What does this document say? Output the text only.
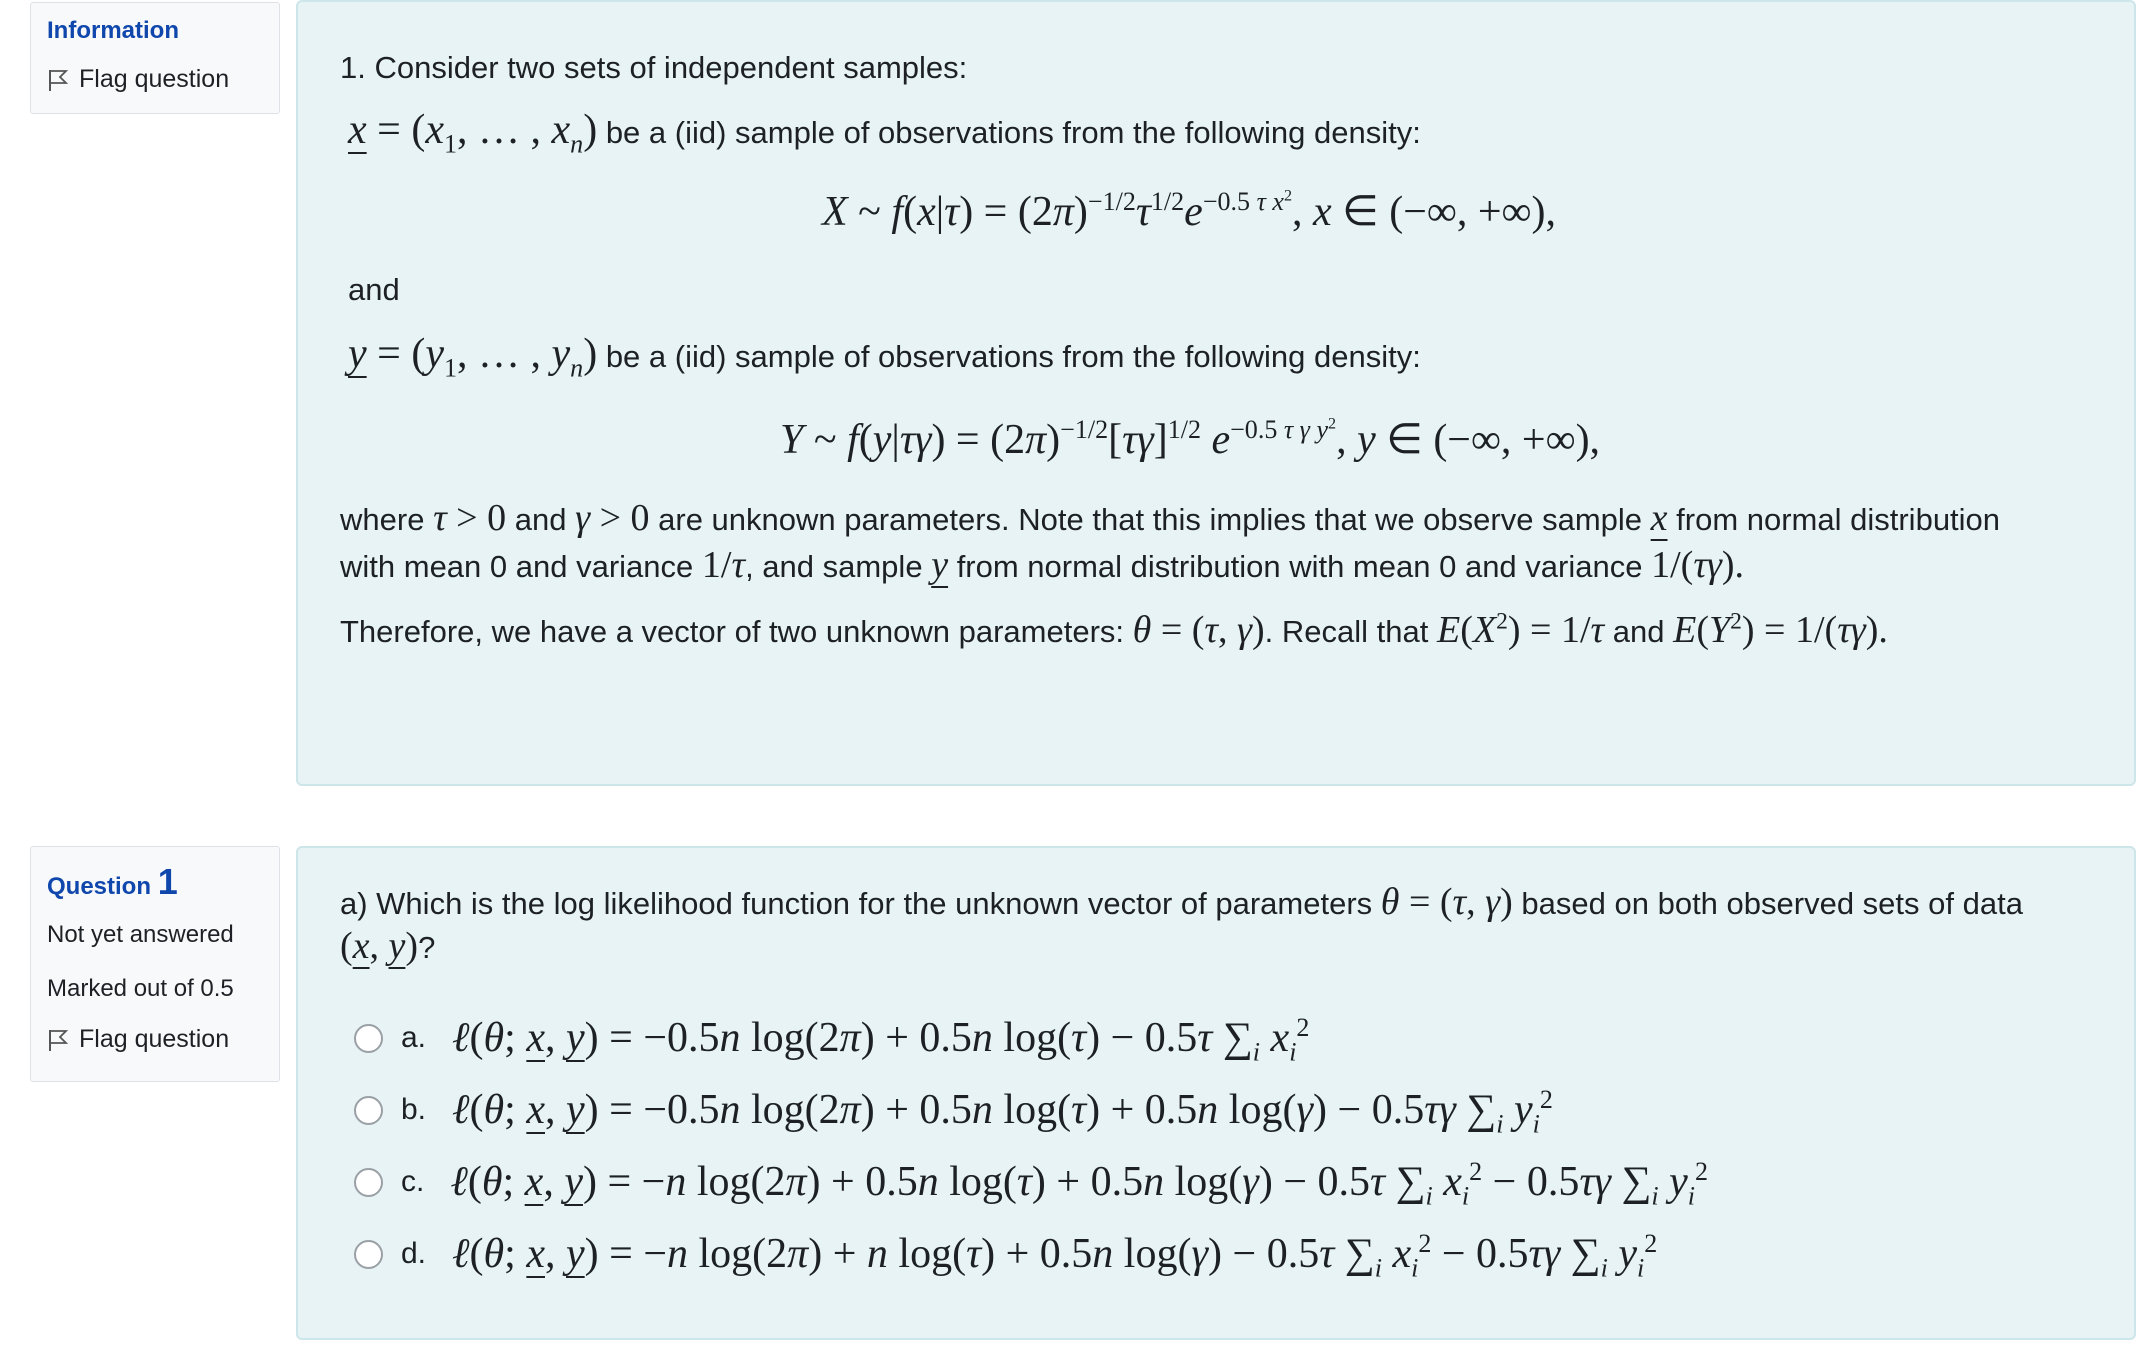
Information
Flag question	1. Consider two sets of independent samples:
$x = (x_1$, … , $x_n$) be a (iid) sample of observations from the following density:
X ~ $f(x|\tau) = (2\pi)^{-1/2}\tau^{1/2}e^{-0.5 \tau x^2}$, x ∈ (−∞, +∞),
and
$y = (y_1$, … , $y_n$) be a (iid) sample of observations from the following density:
Y ~ $f(y|\tau\gamma) = (2\pi)^{-1/2}[\tau\gamma]^{1/2}$ $e^{-0.5 \tau \gamma y^2}$, y ∈ (−∞, +∞),
where τ > 0 and γ > 0 are unknown parameters. Note that this implies that we observe sample x from normal distribution
with mean 0 and variance 1/τ, and sample y from normal distribution with mean 0 and variance 1/(τγ).
Therefore, we have a vector of two unknown parameters: θ = (τ, γ). Recall that $E(X^2) = 1/\tau$ and $E(Y^2) = 1/(\tau\gamma)$.
Question 1
Not yet answered
Marked out of 0.5
Flag question
a) Which is the log likelihood function for the unknown vector of parameters θ = (τ, γ) based on both observed sets of data
(x, y)?
a. ℓ(θ; x, y) = −0.5n log(2π) + 0.5n log(τ) − 0.5τ $\sum_i$ $x_i^2$
b. ℓ(θ; x, y) = −0.5n log(2π) + 0.5n log(τ) + 0.5n log(γ) − 0.5τγ $\sum_i$ $y_i^2$
c. ℓ(θ; x, y) = −n log(2π) + 0.5n log(τ) + 0.5n log(γ) − 0.5τ $\sum_i$ $x_i^2 - 0.5\tau\gamma$ $\sum_i$ $y_i^2$
d. ℓ(θ; x, y) = −n log(2π) + n log(τ) + 0.5n log(γ) − 0.5τ $\sum_i$ $x_i^2 - 0.5\tau\gamma$ $\sum_i$ $y_i^2$
